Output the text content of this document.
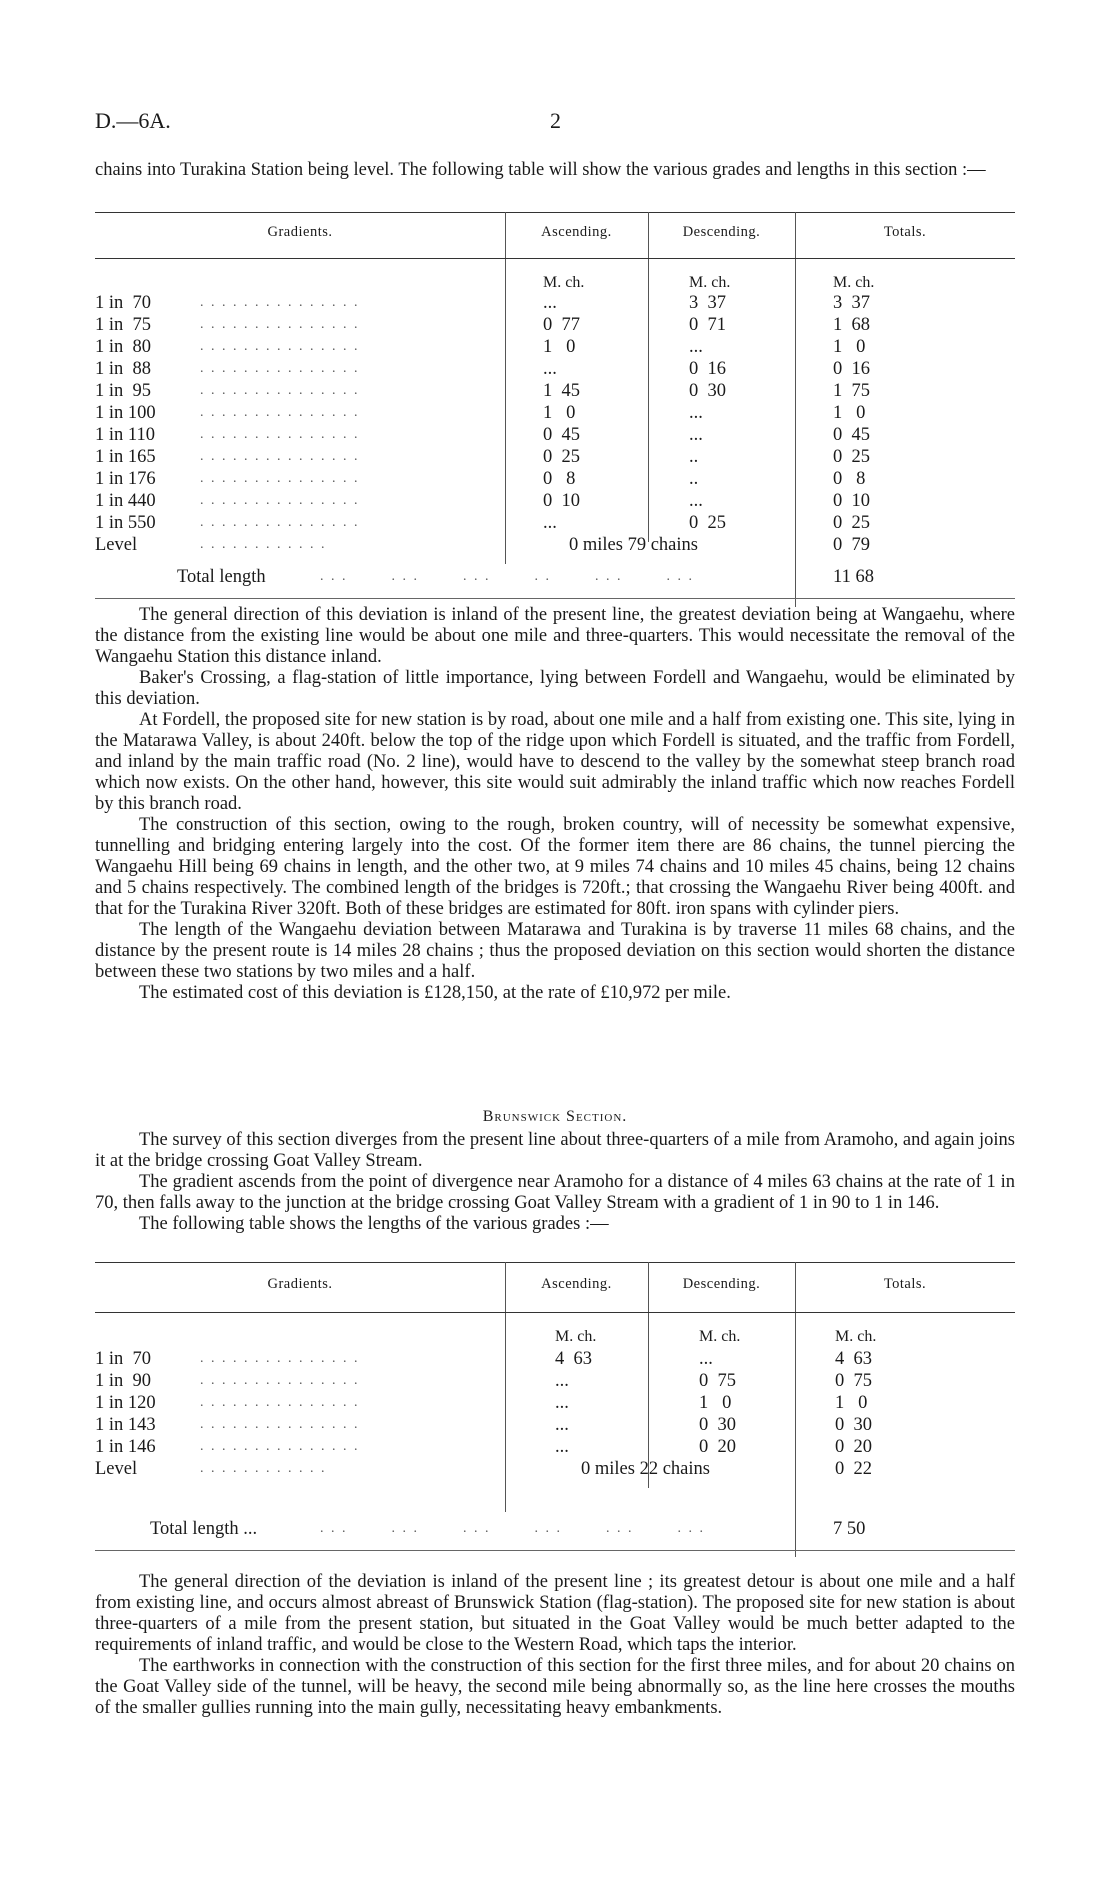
D.—6A.	2

chains into Turakina Station being level. The following table will show the various grades and lengths in this section :—

Gradients.	Ascending.	Descending.	Totals.
M. ch.	M. ch.	M. ch.
1 in  70	. . . . . . . . . . . . . . .	...	3  37	3  37
1 in  75	. . . . . . . . . . . . . . .	0  77	0  71	1  68
1 in  80	. . . . . . . . . . . . . . .	1   0	...	1   0
1 in  88	. . . . . . . . . . . . . . .	...	0  16	0  16
1 in  95	. . . . . . . . . . . . . . .	1  45	0  30	1  75
1 in 100	. . . . . . . . . . . . . . .	1   0	...	1   0
1 in 110	. . . . . . . . . . . . . . .	0  45	...	0  45
1 in 165	. . . . . . . . . . . . . . .	0  25	..	0  25
1 in 176	. . . . . . . . . . . . . . .	0   8	..	0   8
1 in 440	. . . . . . . . . . . . . . .	0  10	...	0  10
1 in 550	. . . . . . . . . . . . . . .	...	0  25	0  25
Level	. . . . . . . . . . . .	0 miles 79 chains	0  79
Total length	. . .        . . .        . . .        . .        . . .        . . .	11 68

The general direction of this deviation is inland of the present line, the greatest deviation being at Wangaehu, where the distance from the existing line would be about one mile and three-quarters. This would necessitate the removal of the Wangaehu Station this distance inland.

Baker's Crossing, a flag-station of little importance, lying between Fordell and Wangaehu, would be eliminated by this deviation.

At Fordell, the proposed site for new station is by road, about one mile and a half from existing one. This site, lying in the Matarawa Valley, is about 240ft. below the top of the ridge upon which Fordell is situated, and the traffic from Fordell, and inland by the main traffic road (No. 2 line), would have to descend to the valley by the somewhat steep branch road which now exists. On the other hand, however, this site would suit admirably the inland traffic which now reaches Fordell by this branch road.

The construction of this section, owing to the rough, broken country, will of necessity be somewhat expensive, tunnelling and bridging entering largely into the cost. Of the former item there are 86 chains, the tunnel piercing the Wangaehu Hill being 69 chains in length, and the other two, at 9 miles 74 chains and 10 miles 45 chains, being 12 chains and 5 chains respectively. The combined length of the bridges is 720ft.; that crossing the Wangaehu River being 400ft. and that for the Turakina River 320ft. Both of these bridges are estimated for 80ft. iron spans with cylinder piers.

The length of the Wangaehu deviation between Matarawa and Turakina is by traverse 11 miles 68 chains, and the distance by the present route is 14 miles 28 chains ; thus the proposed deviation on this section would shorten the distance between these two stations by two miles and a half.

The estimated cost of this deviation is £128,150, at the rate of £10,972 per mile.

Brunswick Section.

The survey of this section diverges from the present line about three-quarters of a mile from Aramoho, and again joins it at the bridge crossing Goat Valley Stream.

The gradient ascends from the point of divergence near Aramoho for a distance of 4 miles 63 chains at the rate of 1 in 70, then falls away to the junction at the bridge crossing Goat Valley Stream with a gradient of 1 in 90 to 1 in 146.

The following table shows the lengths of the various grades :—

Gradients.	Ascending.	Descending.	Totals.
M. ch.	M. ch.	M. ch.
1 in  70	. . . . . . . . . . . . . . .	4  63	...	4  63
1 in  90	. . . . . . . . . . . . . . .	...	0  75	0  75
1 in 120	. . . . . . . . . . . . . . .	...	1   0	1   0
1 in 143	. . . . . . . . . . . . . . .	...	0  30	0  30
1 in 146	. . . . . . . . . . . . . . .	...	0  20	0  20
Level	. . . . . . . . . . . .	0 miles 22 chains	0  22
Total length ...	. . .        . . .        . . .        . . .        . . .        . . .	7 50

The general direction of the deviation is inland of the present line ; its greatest detour is about one mile and a half from existing line, and occurs almost abreast of Brunswick Station (flag-station). The proposed site for new station is about three-quarters of a mile from the present station, but situated in the Goat Valley would be much better adapted to the requirements of inland traffic, and would be close to the Western Road, which taps the interior.

The earthworks in connection with the construction of this section for the first three miles, and for about 20 chains on the Goat Valley side of the tunnel, will be heavy, the second mile being abnormally so, as the line here crosses the mouths of the smaller gullies running into the main gully, necessitating heavy embankments.
